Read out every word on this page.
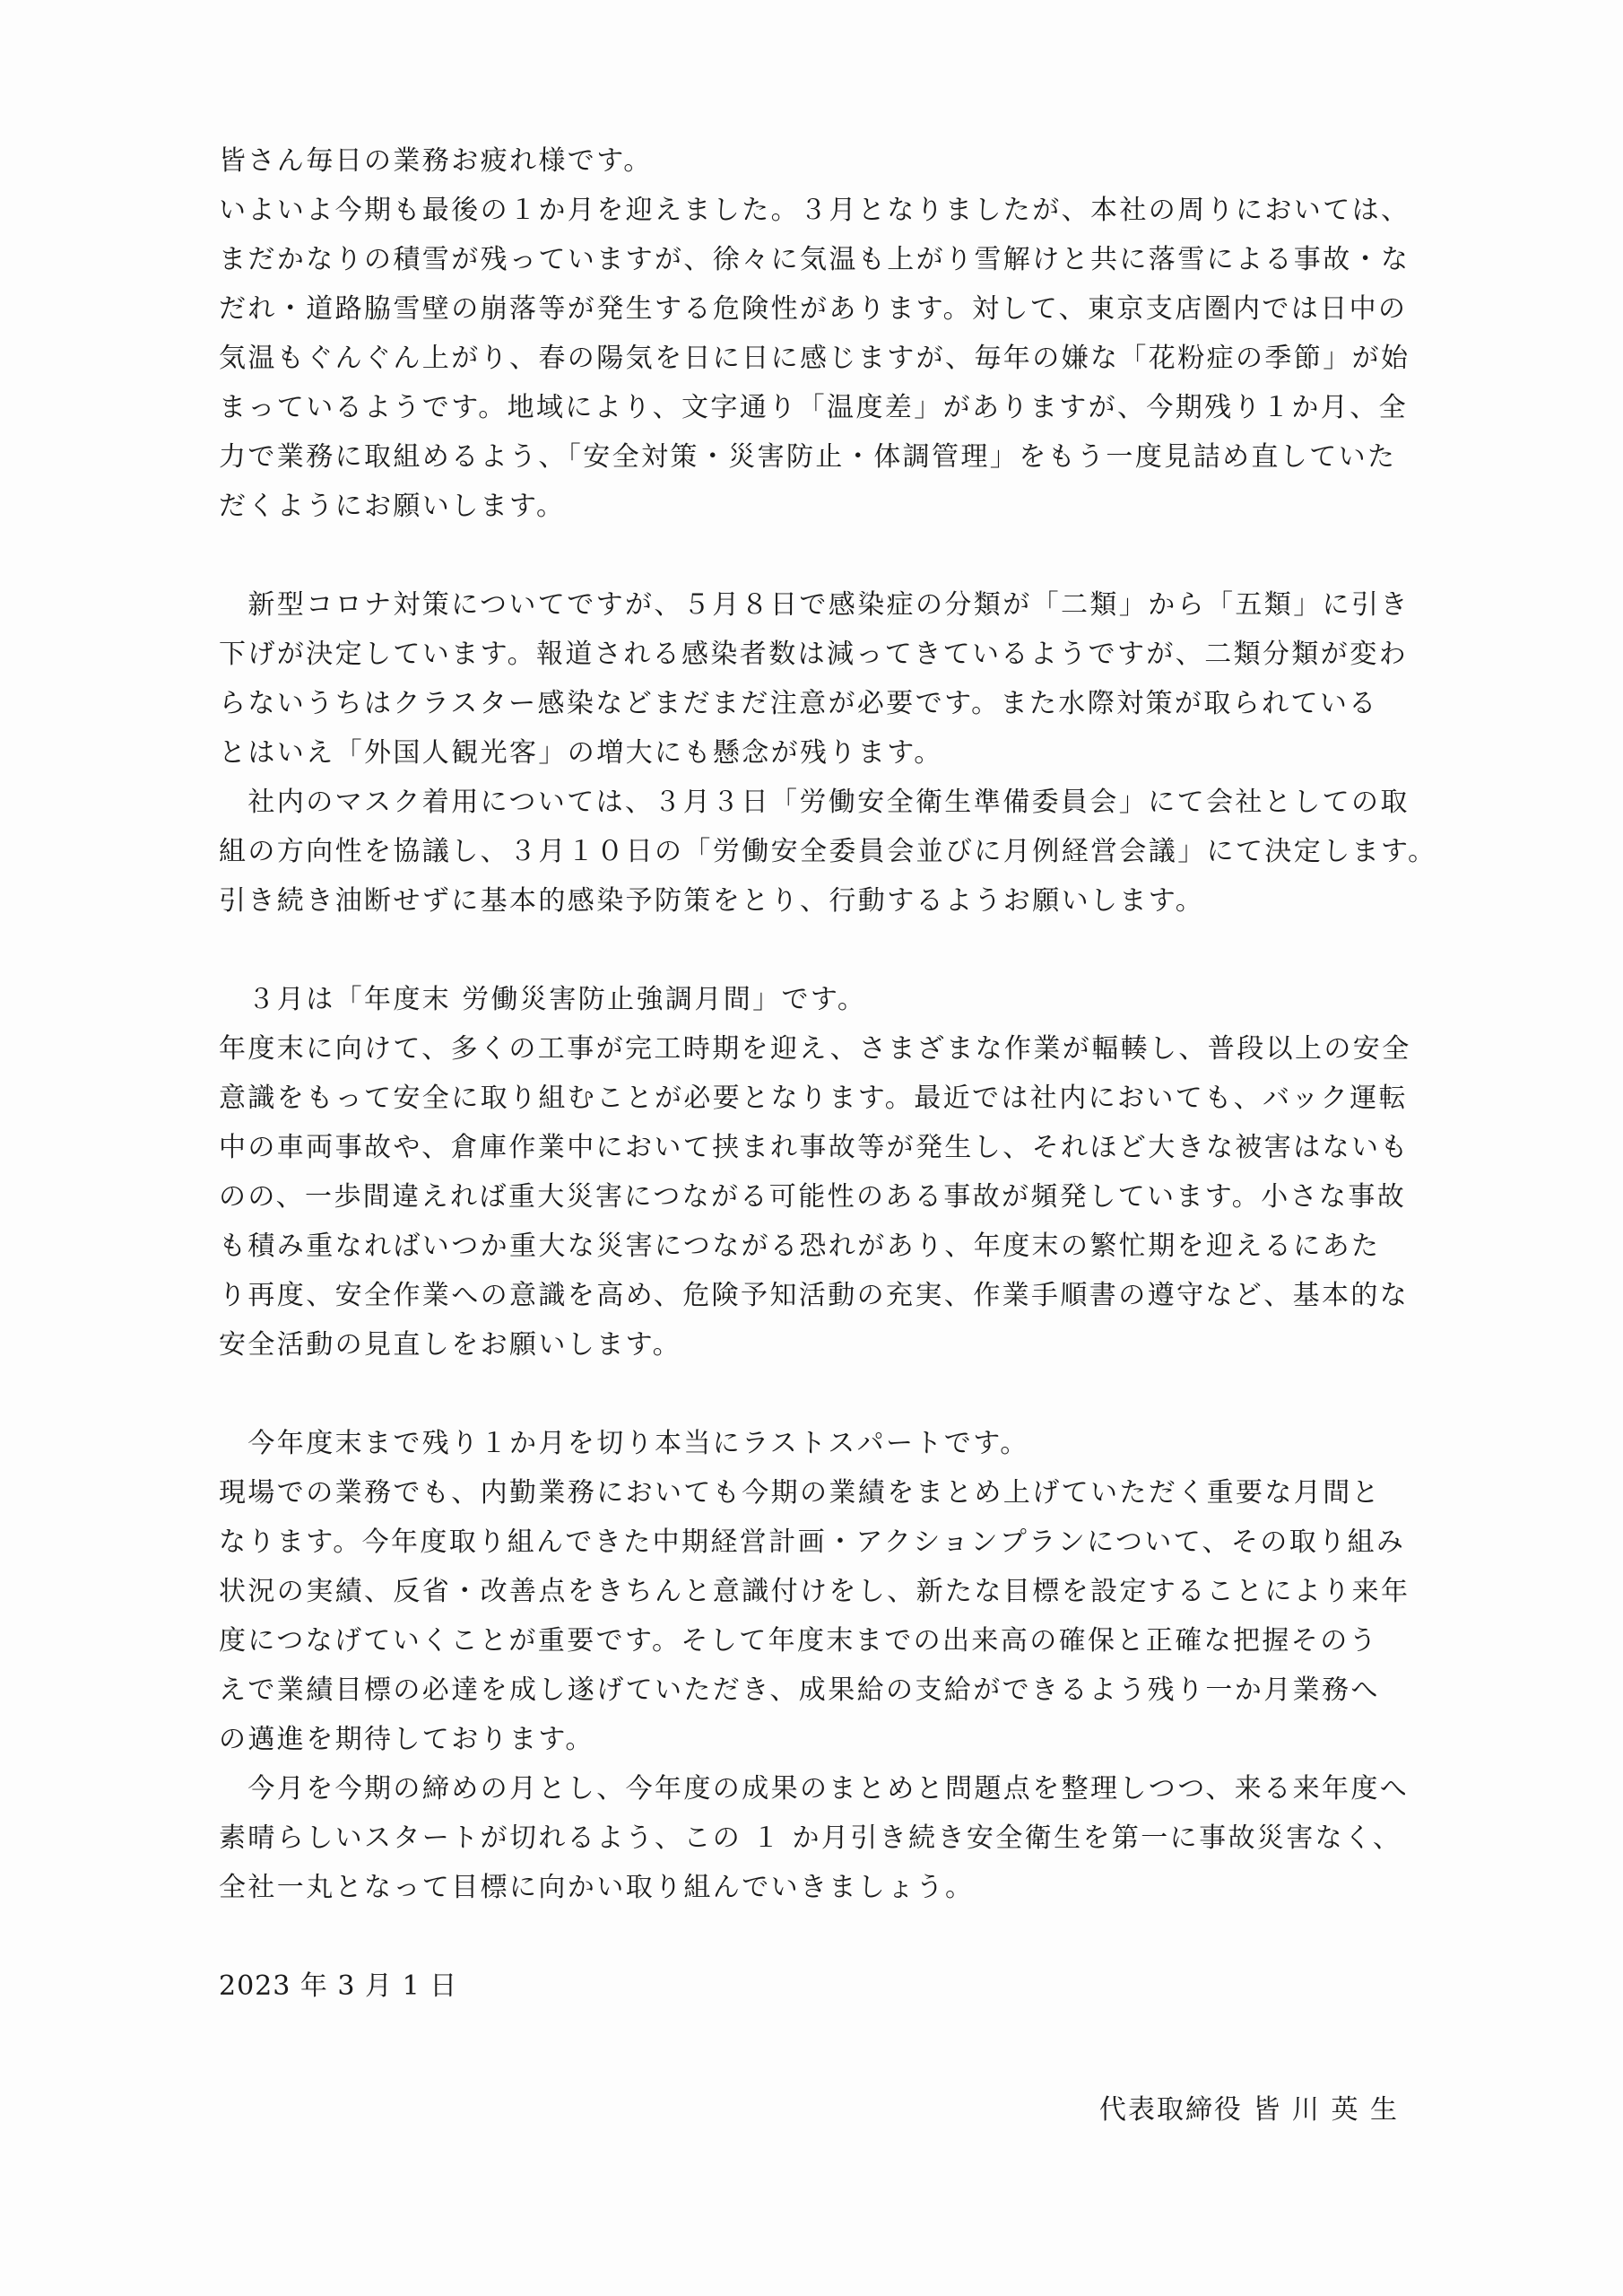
皆さん毎日の業務お疲れ様です。
いよいよ今期も最後の１か月を迎えました。３月となりましたが、本社の周りにおいては、
まだかなりの積雪が残っていますが、徐々に気温も上がり雪解けと共に落雪による事故・な
だれ・道路脇雪壁の崩落等が発生する危険性があります。対して、東京支店圏内では日中の
気温もぐんぐん上がり、春の陽気を日に日に感じますが、毎年の嫌な「花粉症の季節」が始
まっているようです。地域により、文字通り「温度差」がありますが、今期残り１か月、全
力で業務に取組めるよう、「安全対策・災害防止・体調管理」をもう一度見詰め直していた
だくようにお願いします。
　新型コロナ対策についてですが、５月８日で感染症の分類が「二類」から「五類」に引き
下げが決定しています。報道される感染者数は減ってきているようですが、二類分類が変わ
らないうちはクラスター感染などまだまだ注意が必要です。また水際対策が取られている
とはいえ「外国人観光客」の増大にも懸念が残ります。
　社内のマスク着用については、３月３日「労働安全衛生準備委員会」にて会社としての取
組の方向性を協議し、３月１０日の「労働安全委員会並びに月例経営会議」にて決定します。
引き続き油断せずに基本的感染予防策をとり、行動するようお願いします。
　３月は「年度末 労働災害防止強調月間」です。
年度末に向けて、多くの工事が完工時期を迎え、さまざまな作業が輻輳し、普段以上の安全
意識をもって安全に取り組むことが必要となります。最近では社内においても、バック運転
中の車両事故や、倉庫作業中において挟まれ事故等が発生し、それほど大きな被害はないも
のの、一歩間違えれば重大災害につながる可能性のある事故が頻発しています。小さな事故
も積み重なればいつか重大な災害につながる恐れがあり、年度末の繁忙期を迎えるにあた
り再度、安全作業への意識を高め、危険予知活動の充実、作業手順書の遵守など、基本的な
安全活動の見直しをお願いします。
　今年度末まで残り１か月を切り本当にラストスパートです。
現場での業務でも、内勤業務においても今期の業績をまとめ上げていただく重要な月間と
なります。今年度取り組んできた中期経営計画・アクションプランについて、その取り組み
状況の実績、反省・改善点をきちんと意識付けをし、新たな目標を設定することにより来年
度につなげていくことが重要です。そして年度末までの出来高の確保と正確な把握そのう
えで業績目標の必達を成し遂げていただき、成果給の支給ができるよう残り一か月業務へ
の邁進を期待しております。
　今月を今期の締めの月とし、今年度の成果のまとめと問題点を整理しつつ、来る来年度へ
素晴らしいスタートが切れるよう、この １ か月引き続き安全衛生を第一に事故災害なく、
全社一丸となって目標に向かい取り組んでいきましょう。
2023 年 3 月 1 日
代表取締役 皆 川 英 生
